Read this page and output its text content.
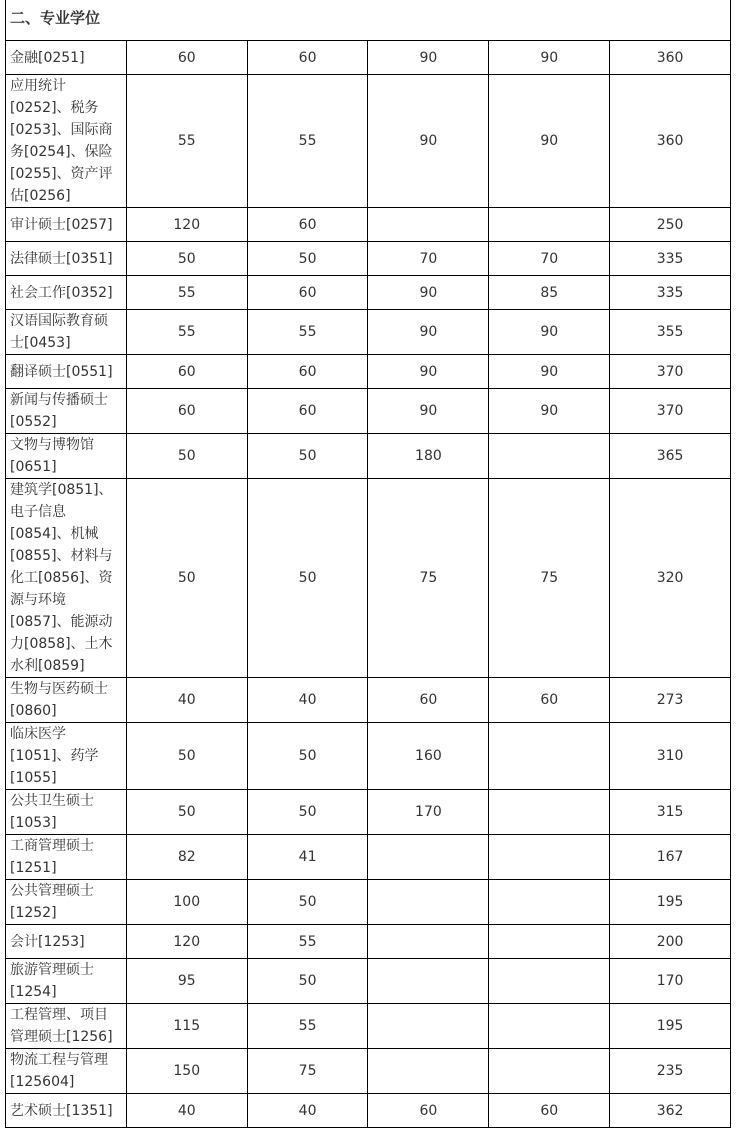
二、专业学位					
金融[0251]	60	60	90	90	360
应用统计[0252]、税务[0253]、国际商务[0254]、保险[0255]、资产评估[0256]	55	55	90	90	360
审计硕士[0257]	120	60			250
法律硕士[0351]	50	50	70	70	335
社会工作[0352]	55	60	90	85	335
汉语国际教育硕士[0453]	55	55	90	90	355
翻译硕士[0551]	60	60	90	90	370
新闻与传播硕士[0552]	60	60	90	90	370
文物与博物馆[0651]	50	50	180		365
建筑学[0851]、电子信息[0854]、机械[0855]、材料与化工[0856]、资源与环境[0857]、能源动力[0858]、土木水利[0859]	50	50	75	75	320
生物与医药硕士[0860]	40	40	60	60	273
临床医学[1051]、药学[1055]	50	50	160		310
公共卫生硕士[1053]	50	50	170		315
工商管理硕士[1251]	82	41			167
公共管理硕士[1252]	100	50			195
会计[1253]	120	55			200
旅游管理硕士[1254]	95	50			170
工程管理、项目管理硕士[1256]	115	55			195
物流工程与管理[125604]	150	75			235
艺术硕士[1351]	40	40	60	60	362
